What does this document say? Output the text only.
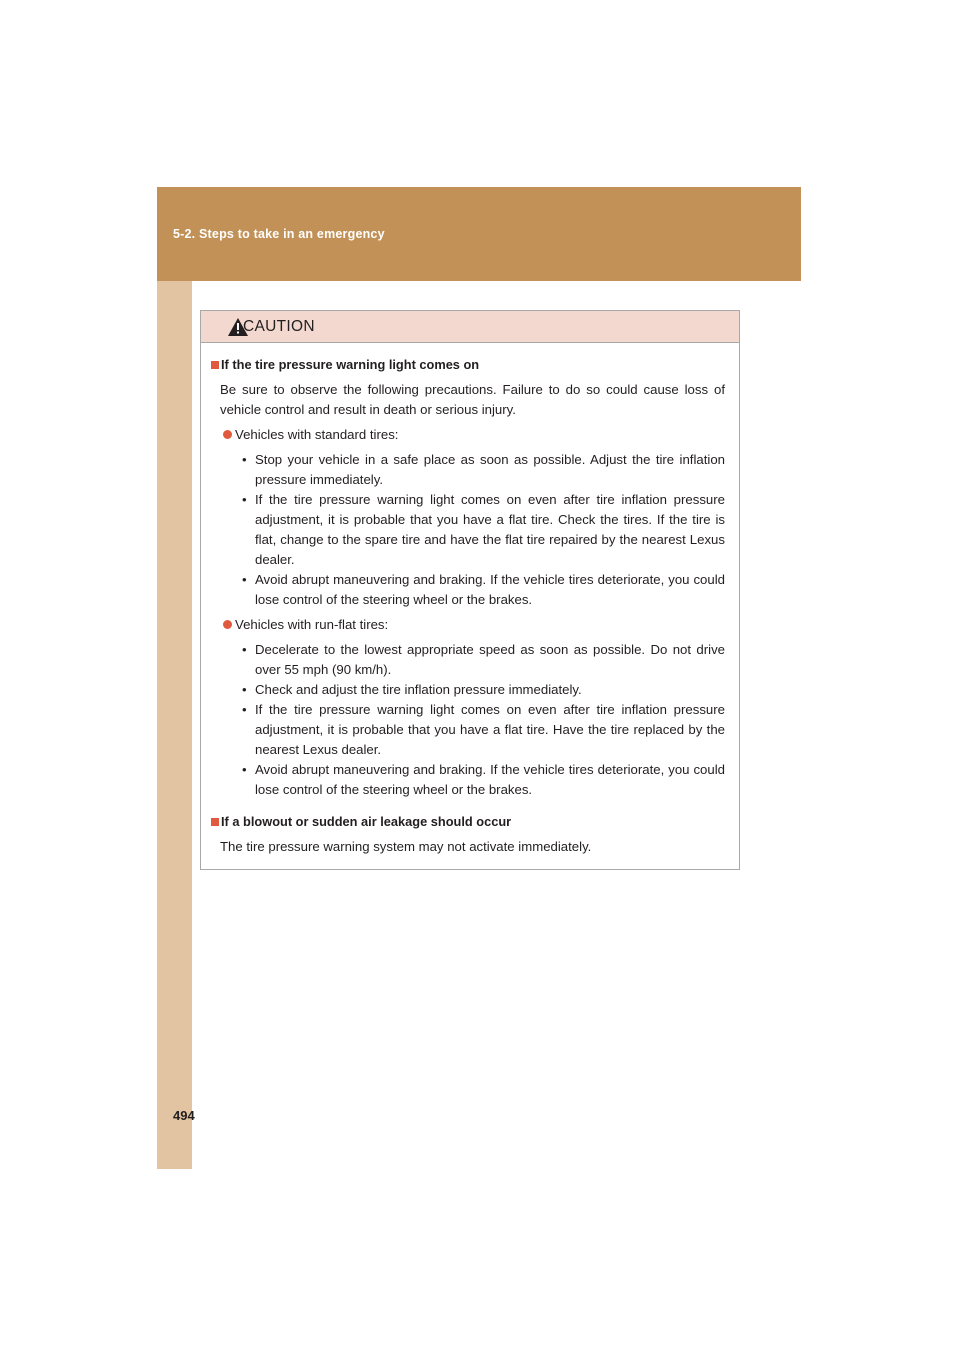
5-2. Steps to take in an emergency
CAUTION
If the tire pressure warning light comes on
Be sure to observe the following precautions. Failure to do so could cause loss of vehicle control and result in death or serious injury.
Vehicles with standard tires:
• Stop your vehicle in a safe place as soon as possible. Adjust the tire inflation pressure immediately.
• If the tire pressure warning light comes on even after tire inflation pressure adjustment, it is probable that you have a flat tire. Check the tires. If the tire is flat, change to the spare tire and have the flat tire repaired by the nearest Lexus dealer.
• Avoid abrupt maneuvering and braking. If the vehicle tires deteriorate, you could lose control of the steering wheel or the brakes.
Vehicles with run-flat tires:
• Decelerate to the lowest appropriate speed as soon as possible. Do not drive over 55 mph (90 km/h).
• Check and adjust the tire inflation pressure immediately.
• If the tire pressure warning light comes on even after tire inflation pressure adjustment, it is probable that you have a flat tire. Have the tire replaced by the nearest Lexus dealer.
• Avoid abrupt maneuvering and braking. If the vehicle tires deteriorate, you could lose control of the steering wheel or the brakes.
If a blowout or sudden air leakage should occur
The tire pressure warning system may not activate immediately.
494
